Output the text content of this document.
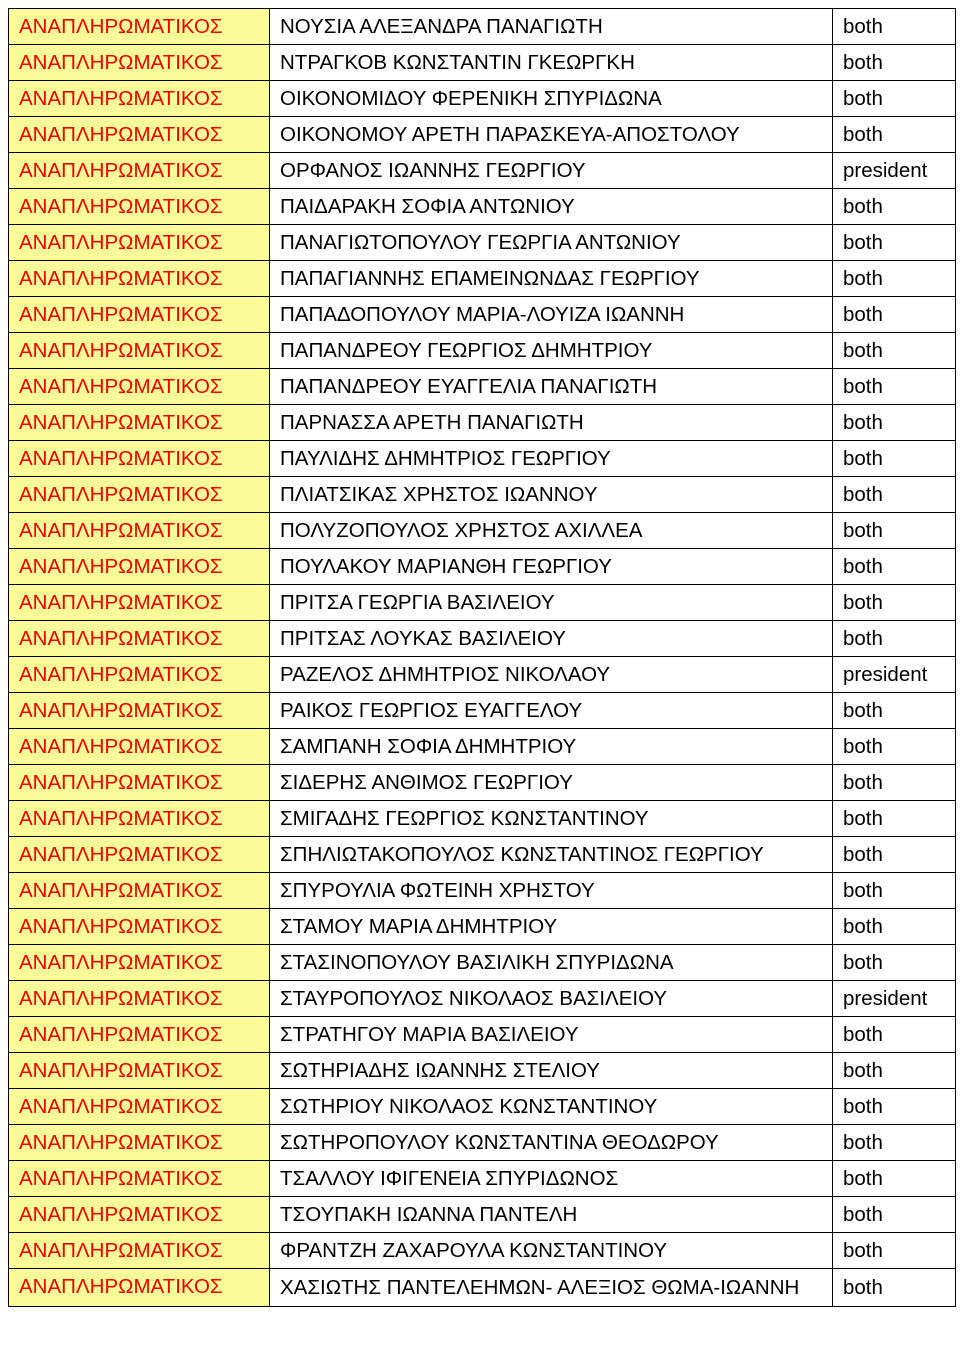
ΑΝΑΠΛΗΡΩΜΑΤΙΚΟΣ	ΝΟΥΣΙΑ ΑΛΕΞΑΝΔΡΑ ΠΑΝΑΓΙΩΤΗ	both
ΑΝΑΠΛΗΡΩΜΑΤΙΚΟΣ	ΝΤΡΑΓΚΟΒ ΚΩΝΣΤΑΝΤΙΝ ΓΚΕΩΡΓΚΗ	both
ΑΝΑΠΛΗΡΩΜΑΤΙΚΟΣ	ΟΙΚΟΝΟΜΙΔΟΥ ΦΕΡΕΝΙΚΗ ΣΠΥΡΙΔΩΝΑ	both
ΑΝΑΠΛΗΡΩΜΑΤΙΚΟΣ	ΟΙΚΟΝΟΜΟΥ ΑΡΕΤΗ ΠΑΡΑΣΚΕΥΑ-ΑΠΟΣΤΟΛΟΥ	both
ΑΝΑΠΛΗΡΩΜΑΤΙΚΟΣ	ΟΡΦΑΝΟΣ ΙΩΑΝΝΗΣ ΓΕΩΡΓΙΟΥ	president
ΑΝΑΠΛΗΡΩΜΑΤΙΚΟΣ	ΠΑΙΔΑΡΑΚΗ ΣΟΦΙΑ ΑΝΤΩΝΙΟΥ	both
ΑΝΑΠΛΗΡΩΜΑΤΙΚΟΣ	ΠΑΝΑΓΙΩΤΟΠΟΥΛΟΥ ΓΕΩΡΓΙΑ ΑΝΤΩΝΙΟΥ	both
ΑΝΑΠΛΗΡΩΜΑΤΙΚΟΣ	ΠΑΠΑΓΙΑΝΝΗΣ ΕΠΑΜΕΙΝΩΝΔΑΣ ΓΕΩΡΓΙΟΥ	both
ΑΝΑΠΛΗΡΩΜΑΤΙΚΟΣ	ΠΑΠΑΔΟΠΟΥΛΟΥ ΜΑΡΙΑ-ΛΟΥΙΖΑ ΙΩΑΝΝΗ	both
ΑΝΑΠΛΗΡΩΜΑΤΙΚΟΣ	ΠΑΠΑΝΔΡΕΟΥ ΓΕΩΡΓΙΟΣ ΔΗΜΗΤΡΙΟΥ	both
ΑΝΑΠΛΗΡΩΜΑΤΙΚΟΣ	ΠΑΠΑΝΔΡΕΟΥ ΕΥΑΓΓΕΛΙΑ ΠΑΝΑΓΙΩΤΗ	both
ΑΝΑΠΛΗΡΩΜΑΤΙΚΟΣ	ΠΑΡΝΑΣΣΑ ΑΡΕΤΗ ΠΑΝΑΓΙΩΤΗ	both
ΑΝΑΠΛΗΡΩΜΑΤΙΚΟΣ	ΠΑΥΛΙΔΗΣ ΔΗΜΗΤΡΙΟΣ ΓΕΩΡΓΙΟΥ	both
ΑΝΑΠΛΗΡΩΜΑΤΙΚΟΣ	ΠΛΙΑΤΣΙΚΑΣ ΧΡΗΣΤΟΣ ΙΩΑΝΝΟΥ	both
ΑΝΑΠΛΗΡΩΜΑΤΙΚΟΣ	ΠΟΛΥΖΟΠΟΥΛΟΣ ΧΡΗΣΤΟΣ ΑΧΙΛΛΕΑ	both
ΑΝΑΠΛΗΡΩΜΑΤΙΚΟΣ	ΠΟΥΛΑΚΟΥ ΜΑΡΙΑΝΘΗ ΓΕΩΡΓΙΟΥ	both
ΑΝΑΠΛΗΡΩΜΑΤΙΚΟΣ	ΠΡΙΤΣΑ ΓΕΩΡΓΙΑ ΒΑΣΙΛΕΙΟΥ	both
ΑΝΑΠΛΗΡΩΜΑΤΙΚΟΣ	ΠΡΙΤΣΑΣ ΛΟΥΚΑΣ ΒΑΣΙΛΕΙΟΥ	both
ΑΝΑΠΛΗΡΩΜΑΤΙΚΟΣ	ΡΑΖΕΛΟΣ ΔΗΜΗΤΡΙΟΣ ΝΙΚΟΛΑΟΥ	president
ΑΝΑΠΛΗΡΩΜΑΤΙΚΟΣ	ΡΑΙΚΟΣ ΓΕΩΡΓΙΟΣ ΕΥΑΓΓΕΛΟΥ	both
ΑΝΑΠΛΗΡΩΜΑΤΙΚΟΣ	ΣΑΜΠΑΝΗ ΣΟΦΙΑ ΔΗΜΗΤΡΙΟΥ	both
ΑΝΑΠΛΗΡΩΜΑΤΙΚΟΣ	ΣΙΔΕΡΗΣ ΑΝΘΙΜΟΣ ΓΕΩΡΓΙΟΥ	both
ΑΝΑΠΛΗΡΩΜΑΤΙΚΟΣ	ΣΜΙΓΑΔΗΣ ΓΕΩΡΓΙΟΣ ΚΩΝΣΤΑΝΤΙΝΟΥ	both
ΑΝΑΠΛΗΡΩΜΑΤΙΚΟΣ	ΣΠΗΛΙΩΤΑΚΟΠΟΥΛΟΣ ΚΩΝΣΤΑΝΤΙΝΟΣ ΓΕΩΡΓΙΟΥ	both
ΑΝΑΠΛΗΡΩΜΑΤΙΚΟΣ	ΣΠΥΡΟΥΛΙΑ ΦΩΤΕΙΝΗ ΧΡΗΣΤΟΥ	both
ΑΝΑΠΛΗΡΩΜΑΤΙΚΟΣ	ΣΤΑΜΟΥ ΜΑΡΙΑ ΔΗΜΗΤΡΙΟΥ	both
ΑΝΑΠΛΗΡΩΜΑΤΙΚΟΣ	ΣΤΑΣΙΝΟΠΟΥΛΟΥ ΒΑΣΙΛΙΚΗ ΣΠΥΡΙΔΩΝΑ	both
ΑΝΑΠΛΗΡΩΜΑΤΙΚΟΣ	ΣΤΑΥΡΟΠΟΥΛΟΣ ΝΙΚΟΛΑΟΣ ΒΑΣΙΛΕΙΟΥ	president
ΑΝΑΠΛΗΡΩΜΑΤΙΚΟΣ	ΣΤΡΑΤΗΓΟΥ ΜΑΡΙΑ ΒΑΣΙΛΕΙΟΥ	both
ΑΝΑΠΛΗΡΩΜΑΤΙΚΟΣ	ΣΩΤΗΡΙΑΔΗΣ ΙΩΑΝΝΗΣ ΣΤΕΛΙΟΥ	both
ΑΝΑΠΛΗΡΩΜΑΤΙΚΟΣ	ΣΩΤΗΡΙΟΥ ΝΙΚΟΛΑΟΣ ΚΩΝΣΤΑΝΤΙΝΟΥ	both
ΑΝΑΠΛΗΡΩΜΑΤΙΚΟΣ	ΣΩΤΗΡΟΠΟΥΛΟΥ ΚΩΝΣΤΑΝΤΙΝΑ ΘΕΟΔΩΡΟΥ	both
ΑΝΑΠΛΗΡΩΜΑΤΙΚΟΣ	ΤΣΑΛΛΟΥ ΙΦΙΓΕΝΕΙΑ ΣΠΥΡΙΔΩΝΟΣ	both
ΑΝΑΠΛΗΡΩΜΑΤΙΚΟΣ	ΤΣΟΥΠΑΚΗ ΙΩΑΝΝΑ ΠΑΝΤΕΛΗ	both
ΑΝΑΠΛΗΡΩΜΑΤΙΚΟΣ	ΦΡΑΝΤΖΗ ΖΑΧΑΡΟΥΛΑ ΚΩΝΣΤΑΝΤΙΝΟΥ	both
ΑΝΑΠΛΗΡΩΜΑΤΙΚΟΣ	ΧΑΣΙΩΤΗΣ ΠΑΝΤΕΛΕΗΜΩΝ- ΑΛΕΞΙΟΣ ΘΩΜΑ-ΙΩΑΝΝΗ	both
